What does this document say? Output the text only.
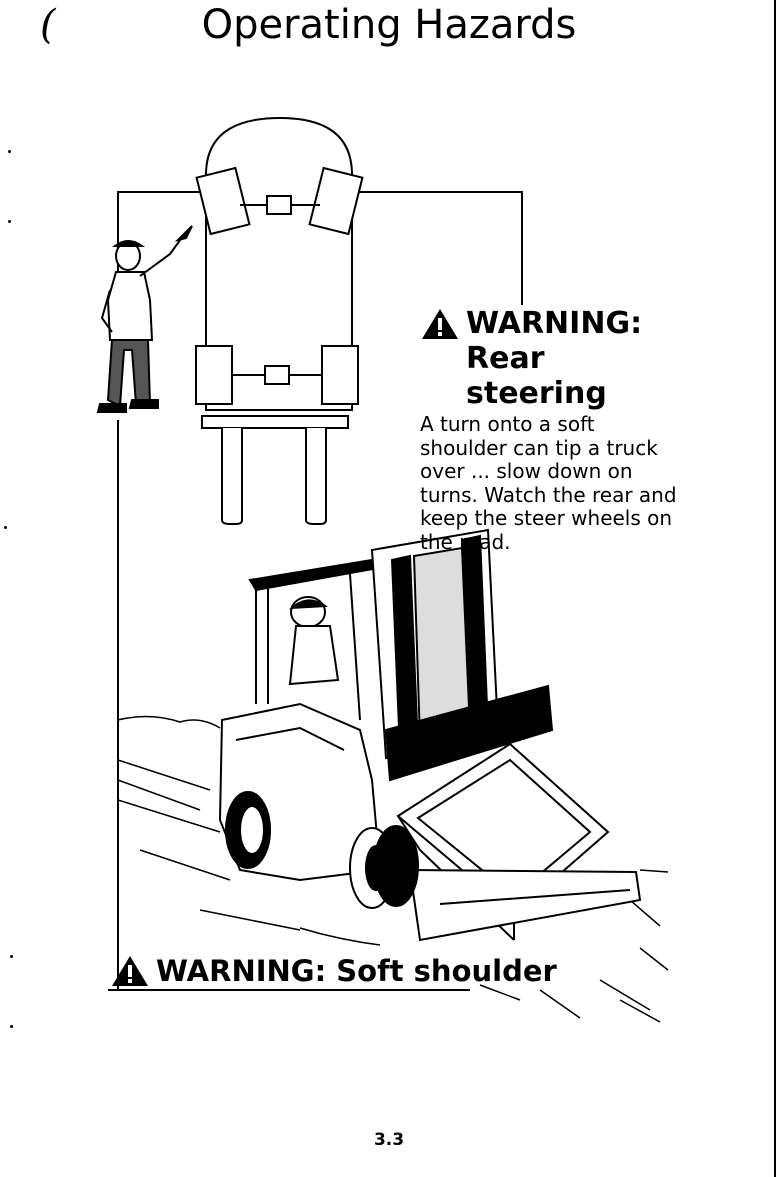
(	Operating Hazards
WARNING:
Rear steering
A turn onto a soft
shoulder can tip a truck
over ... slow down on
turns. Watch the rear and
keep the steer wheels on
the road.
WARNING: Soft shoulder
3.3
